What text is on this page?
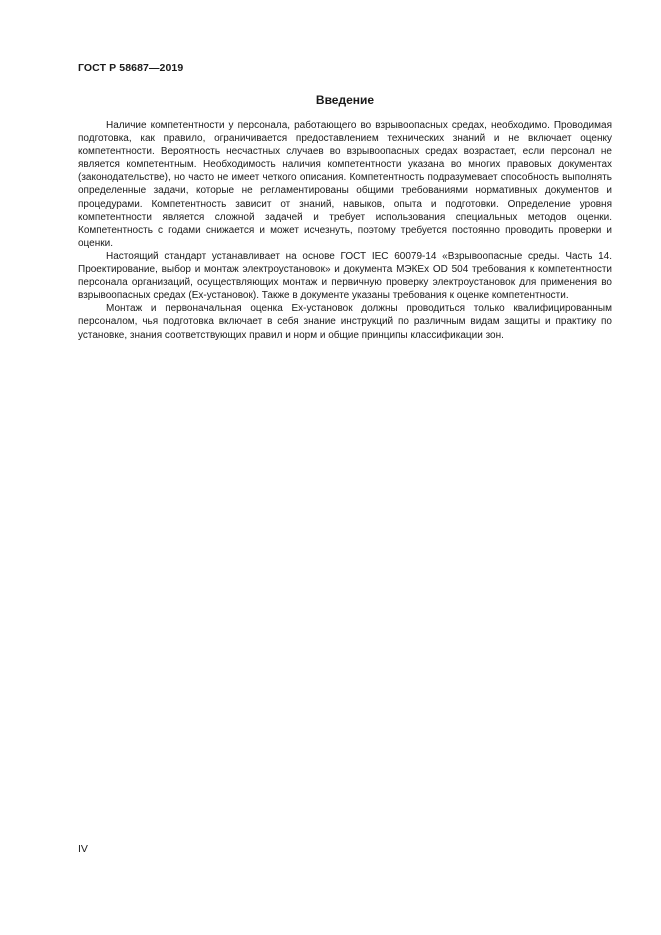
ГОСТ Р 58687—2019
Введение

Наличие компетентности у персонала, работающего во взрывоопасных средах, необходимо. Проводимая подготовка, как правило, ограничивается предоставлением технических знаний и не включает оценку компетентности. Вероятность несчастных случаев во взрывоопасных средах возрастает, если персонал не является компетентным. Необходимость наличия компетентности указана во многих правовых документах (законодательстве), но часто не имеет четкого описания. Компетентность подразумевает способность выполнять определенные задачи, которые не регламентированы общими требованиями нормативных документов и процедурами. Компетентность зависит от знаний, навыков, опыта и подготовки. Определение уровня компетентности является сложной задачей и требует использования специальных методов оценки. Компетентность с годами снижается и может исчезнуть, поэтому требуется постоянно проводить проверки и оценки.

Настоящий стандарт устанавливает на основе ГОСТ IEC 60079-14 «Взрывоопасные среды. Часть 14. Проектирование, выбор и монтаж электроустановок» и документа МЭКЕх OD 504 требования к компетентности персонала организаций, осуществляющих монтаж и первичную проверку электроустановок для применения во взрывоопасных средах (Ех-установок). Также в документе указаны требования к оценке компетентности.

Монтаж и первоначальная оценка Ех-установок должны проводиться только квалифицированным персоналом, чья подготовка включает в себя знание инструкций по различным видам защиты и практику по установке, знания соответствующих правил и норм и общие принципы классификации зон.

IV
